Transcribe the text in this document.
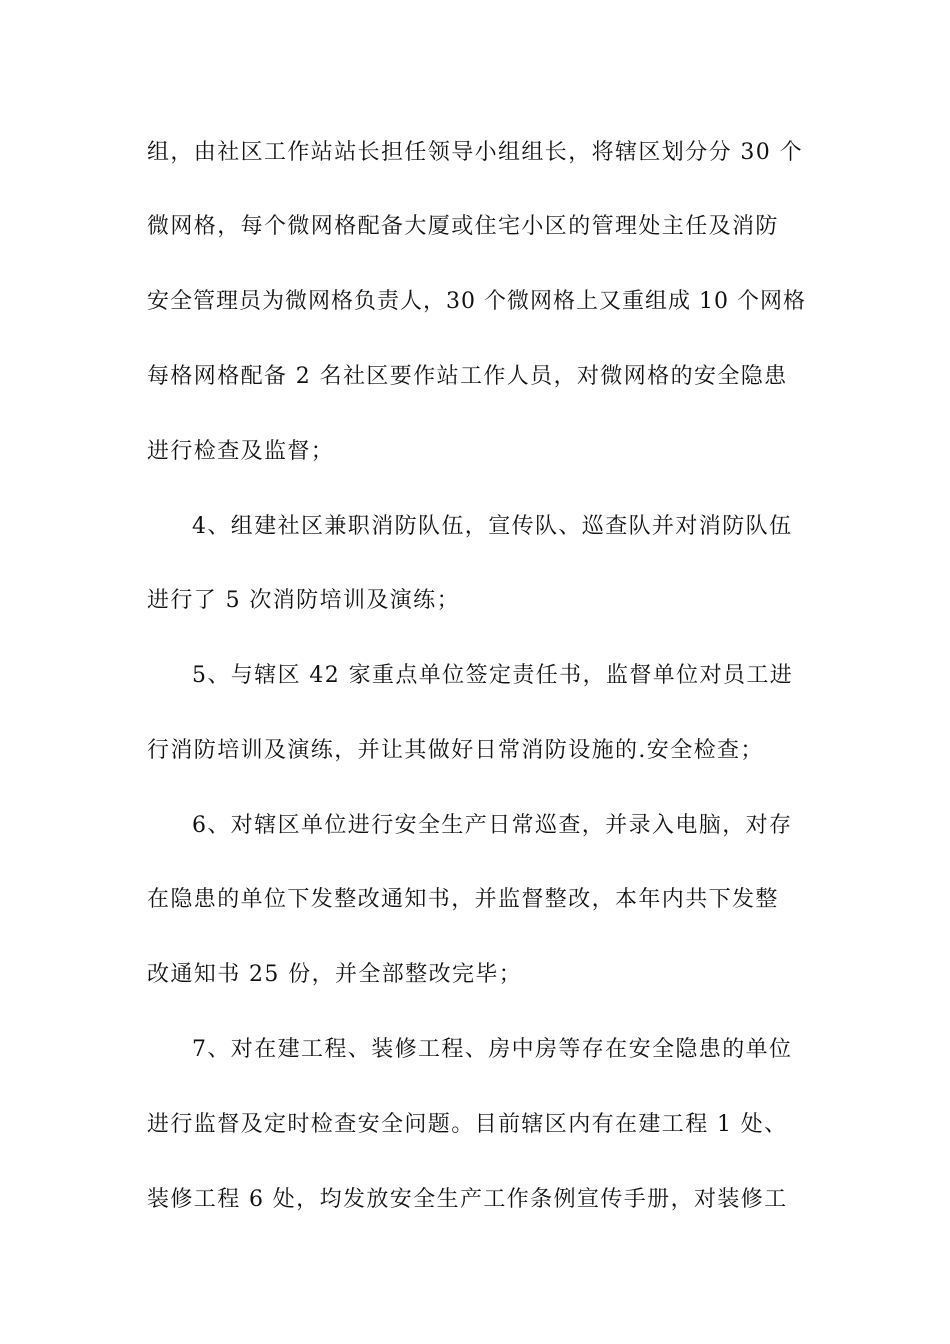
组，由社区工作站站长担任领导小组组长，将辖区划分分 30 个
微网格，每个微网格配备大厦或住宅小区的管理处主任及消防
安全管理员为微网格负责人，30 个微网格上又重组成 10 个网格
每格网格配备 2 名社区要作站工作人员，对微网格的安全隐患
进行检查及监督；
4、组建社区兼职消防队伍，宣传队、巡查队并对消防队伍
进行了 5 次消防培训及演练；
5、与辖区 42 家重点单位签定责任书，监督单位对员工进
行消防培训及演练，并让其做好日常消防设施的.安全检查；
6、对辖区单位进行安全生产日常巡查，并录入电脑，对存
在隐患的单位下发整改通知书，并监督整改，本年内共下发整
改通知书 25 份，并全部整改完毕；
7、对在建工程、装修工程、房中房等存在安全隐患的单位
进行监督及定时检查安全问题。目前辖区内有在建工程 1 处、
装修工程 6 处，均发放安全生产工作条例宣传手册，对装修工
